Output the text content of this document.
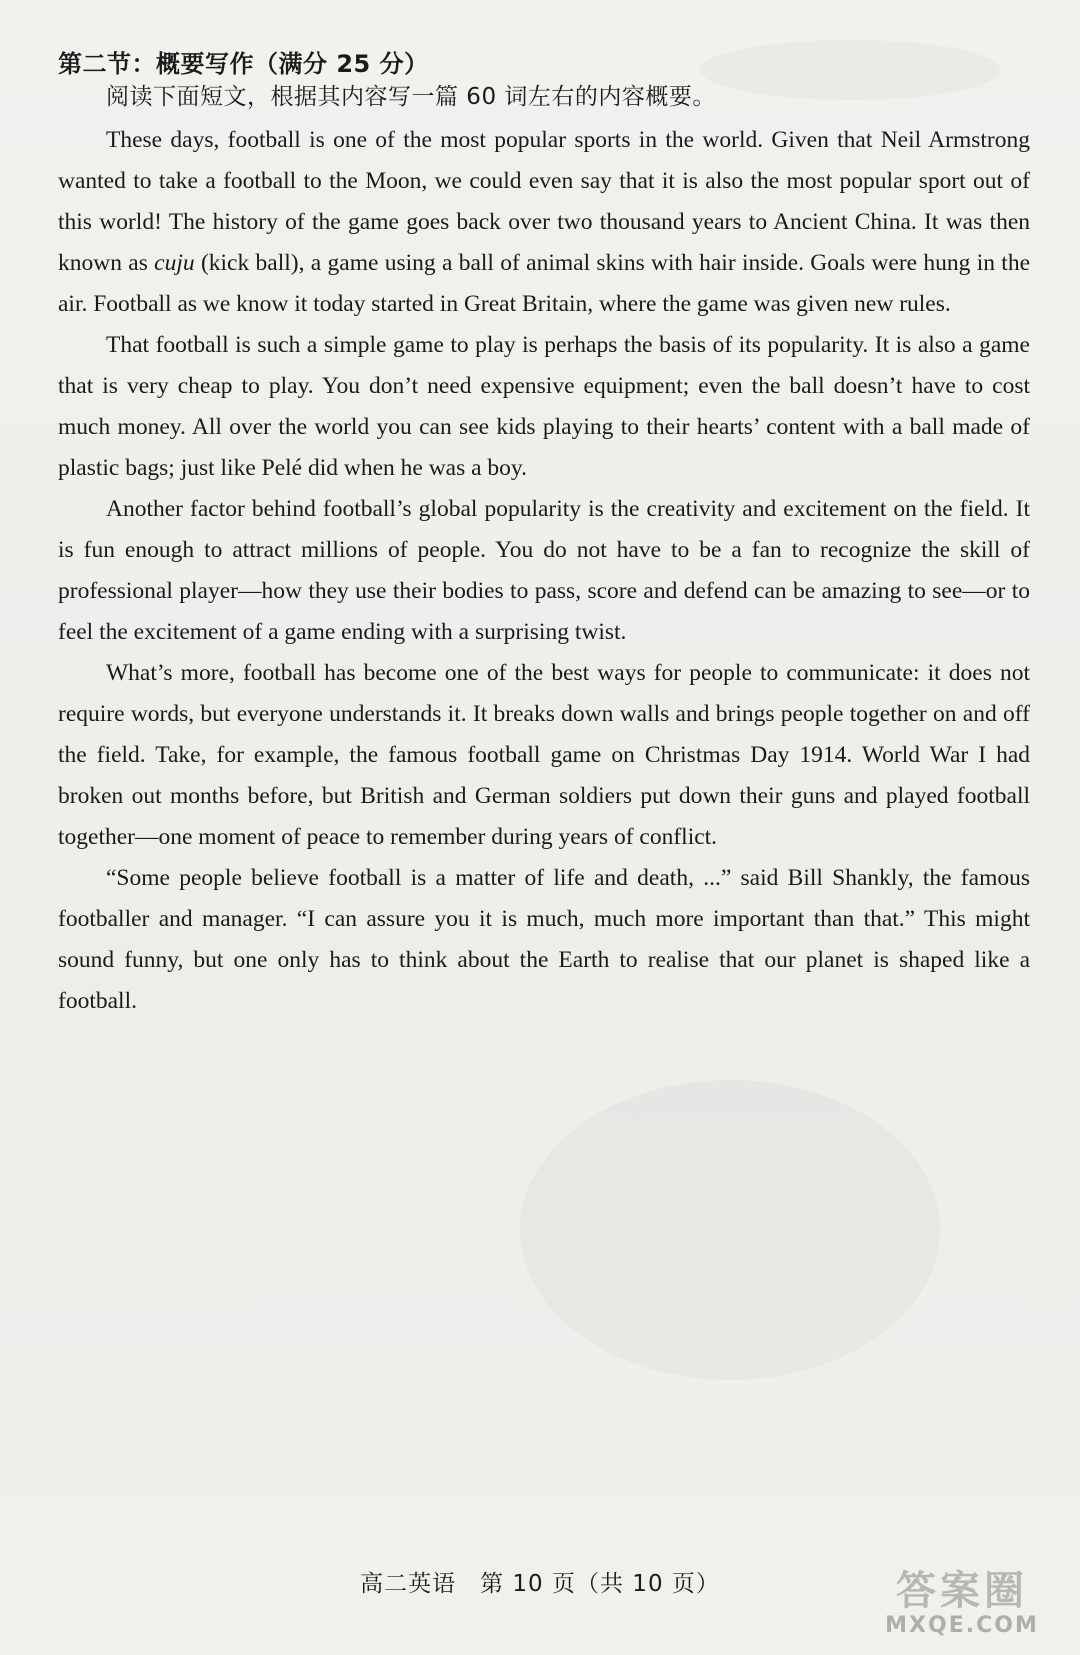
第二节：概要写作（满分 25 分）

阅读下面短文，根据其内容写一篇 60 词左右的内容概要。

These days, football is one of the most popular sports in the world. Given that Neil Armstrong wanted to take a football to the Moon, we could even say that it is also the most popular sport out of this world! The history of the game goes back over two thousand years to Ancient China. It was then known as cuju (kick ball), a game using a ball of animal skins with hair inside. Goals were hung in the air. Football as we know it today started in Great Britain, where the game was given new rules.

That football is such a simple game to play is perhaps the basis of its popularity. It is also a game that is very cheap to play. You don’t need expensive equipment; even the ball doesn’t have to cost much money. All over the world you can see kids playing to their hearts’ content with a ball made of plastic bags; just like Pelé did when he was a boy.

Another factor behind football’s global popularity is the creativity and excitement on the field. It is fun enough to attract millions of people. You do not have to be a fan to recognize the skill of professional player—how they use their bodies to pass, score and defend can be amazing to see—or to feel the excitement of a game ending with a surprising twist.

What’s more, football has become one of the best ways for people to communicate: it does not require words, but everyone understands it. It breaks down walls and brings people together on and off the field. Take, for example, the famous football game on Christmas Day 1914. World War I had broken out months before, but British and German soldiers put down their guns and played football together—one moment of peace to remember during years of conflict.

“Some people believe football is a matter of life and death, ...” said Bill Shankly, the famous footballer and manager. “I can assure you it is much, much more important than that.” This might sound funny, but one only has to think about the Earth to realise that our planet is shaped like a football.

高二英语　第 10 页（共 10 页）	答案圈
MXQE.COM
